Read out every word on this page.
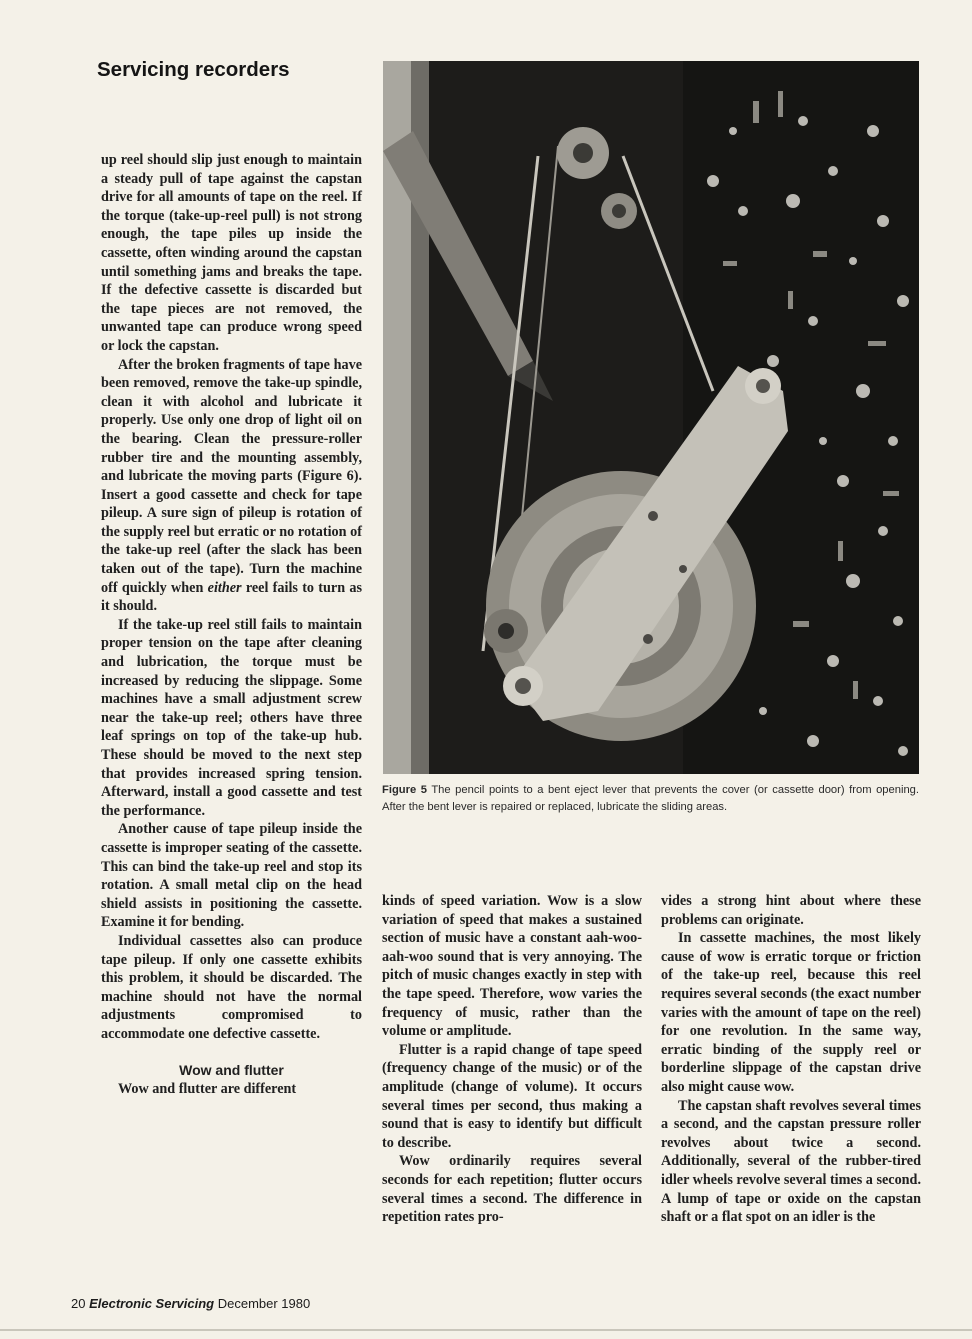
Servicing recorders

up reel should slip just enough to maintain a steady pull of tape against the capstan drive for all amounts of tape on the reel. If the torque (take-up-reel pull) is not strong enough, the tape piles up inside the cassette, often winding around the capstan until something jams and breaks the tape. If the defective cassette is discarded but the tape pieces are not removed, the unwanted tape can produce wrong speed or lock the capstan.

After the broken fragments of tape have been removed, remove the take-up spindle, clean it with alcohol and lubricate it properly. Use only one drop of light oil on the bearing. Clean the pressure-roller rubber tire and the mounting assembly, and lubricate the moving parts (Figure 6). Insert a good cassette and check for tape pileup. A sure sign of pileup is rotation of the supply reel but erratic or no rotation of the take-up reel (after the slack has been taken out of the tape). Turn the machine off quickly when either reel fails to turn as it should.

If the take-up reel still fails to maintain proper tension on the tape after cleaning and lubrication, the torque must be increased by reducing the slippage. Some machines have a small adjustment screw near the take-up reel; others have three leaf springs on top of the take-up hub. These should be moved to the next step that provides increased spring tension. Afterward, install a good cassette and test the performance.

Another cause of tape pileup inside the cassette is improper seating of the cassette. This can bind the take-up reel and stop its rotation. A small metal clip on the head shield assists in positioning the cassette. Examine it for bending.

Individual cassettes also can produce tape pileup. If only one cassette exhibits this problem, it should be discarded. The machine should not have the normal adjustments compromised to accommodate one defective cassette.

Wow and flutter

Wow and flutter are different

Figure 5 The pencil points to a bent eject lever that prevents the cover (or cassette door) from opening. After the bent lever is repaired or replaced, lubricate the sliding areas.

kinds of speed variation. Wow is a slow variation of speed that makes a sustained section of music have a constant aah-woo-aah-woo sound that is very annoying. The pitch of music changes exactly in step with the tape speed. Therefore, wow varies the frequency of music, rather than the volume or amplitude.

Flutter is a rapid change of tape speed (frequency change of the music) or of the amplitude (change of volume). It occurs several times per second, thus making a sound that is easy to identify but difficult to describe.

Wow ordinarily requires several seconds for each repetition; flutter occurs several times a second. The difference in repetition rates pro-

vides a strong hint about where these problems can originate.

In cassette machines, the most likely cause of wow is erratic torque or friction of the take-up reel, because this reel requires several seconds (the exact number varies with the amount of tape on the reel) for one revolution. In the same way, erratic binding of the supply reel or borderline slippage of the capstan drive also might cause wow.

The capstan shaft revolves several times a second, and the capstan pressure roller revolves about twice a second. Additionally, several of the rubber-tired idler wheels revolve several times a second. A lump of tape or oxide on the capstan shaft or a flat spot on an idler is the

20 Electronic Servicing December 1980
